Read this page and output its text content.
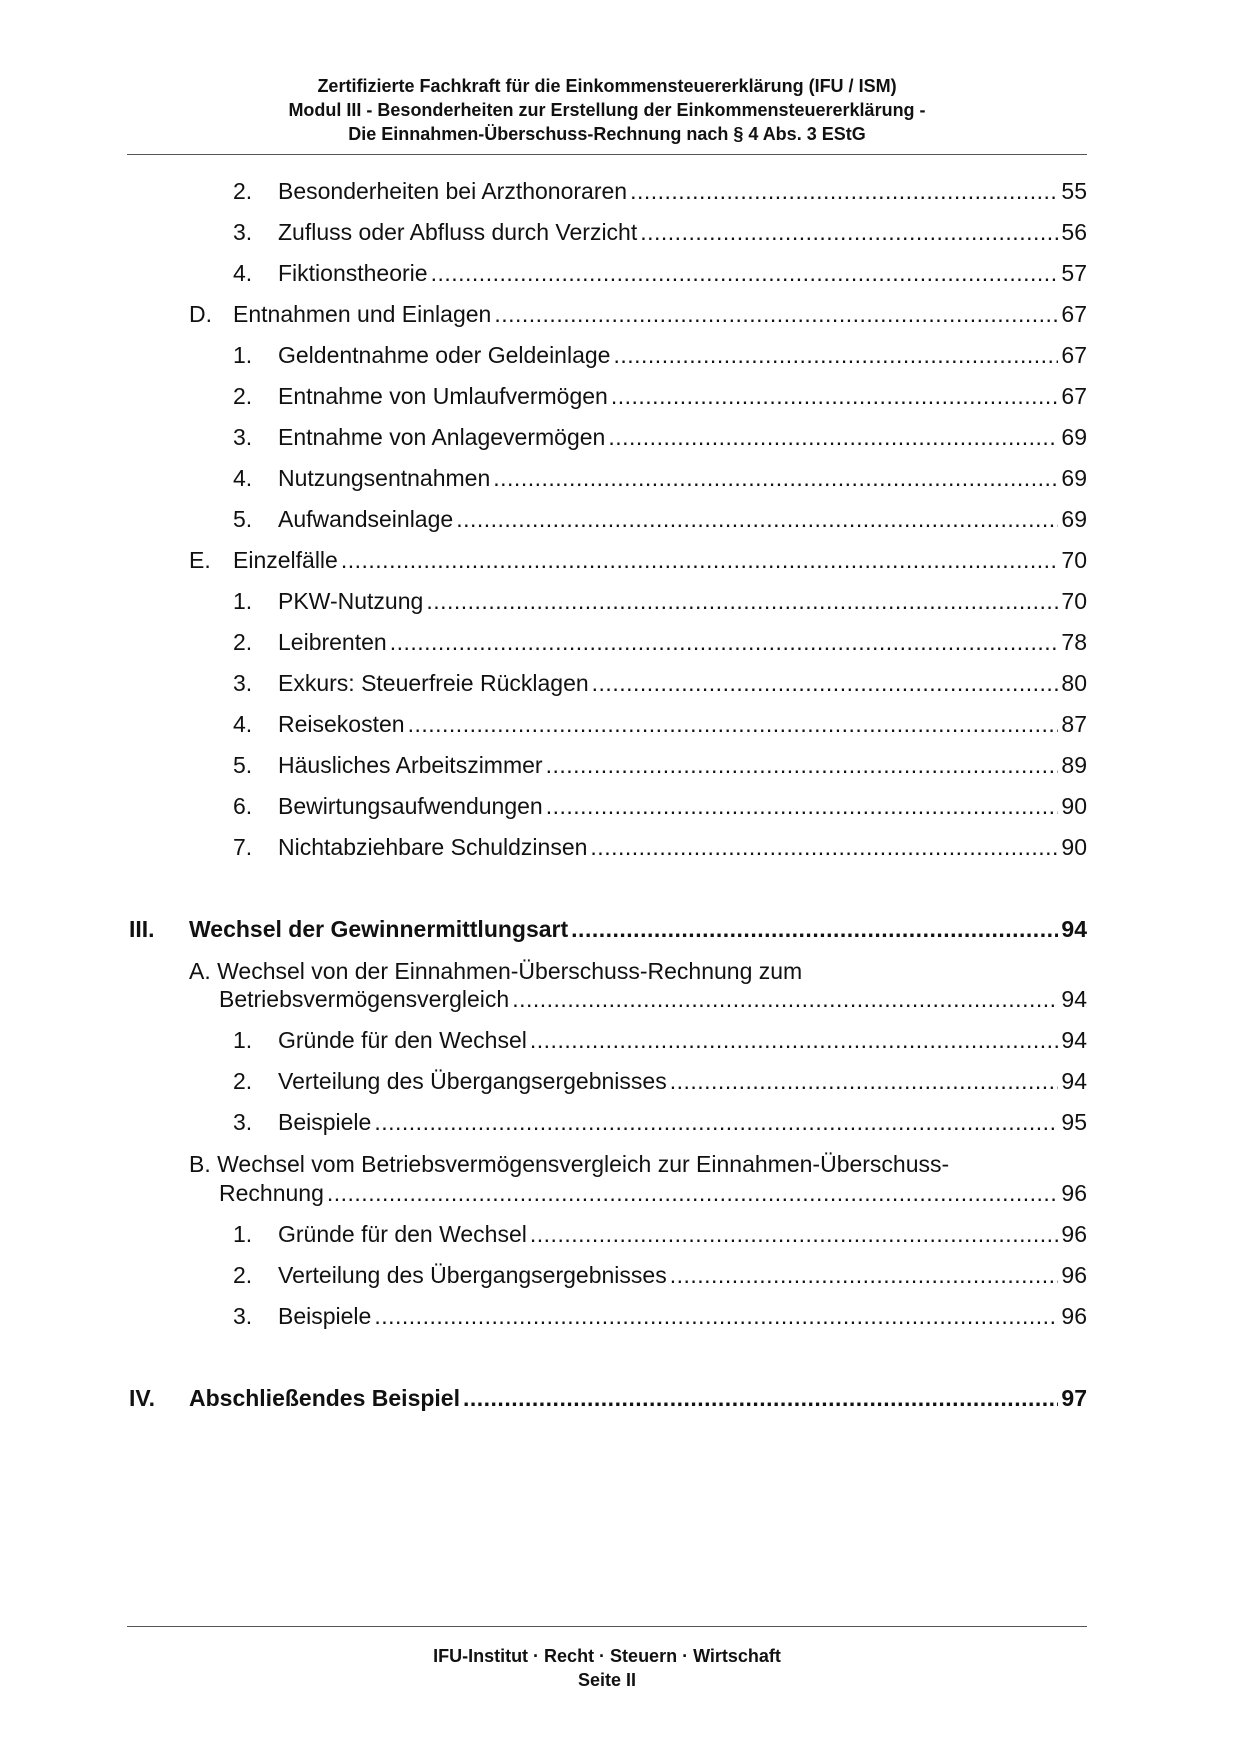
Zertifizierte Fachkraft für die Einkommensteuererklärung (IFU / ISM)
Modul III - Besonderheiten zur Erstellung der Einkommensteuererklärung -
Die Einnahmen-Überschuss-Rechnung nach § 4 Abs. 3 EStG
2.	Besonderheiten bei Arzthonoraren .....	55
3.	Zufluss oder Abfluss durch Verzicht .....	56
4.	Fiktionstheorie .....	57
D. Entnahmen und Einlagen .....	67
1.	Geldentnahme oder Geldeinlage .....	67
2.	Entnahme von Umlaufvermögen .....	67
3.	Entnahme von Anlagevermögen .....	69
4.	Nutzungsentnahmen .....	69
5.	Aufwandseinlage .....	69
E. Einzelfälle .....	70
1.	PKW-Nutzung .....	70
2.	Leibrenten .....	78
3.	Exkurs: Steuerfreie Rücklagen .....	80
4.	Reisekosten .....	87
5.	Häusliches Arbeitszimmer .....	89
6.	Bewirtungsaufwendungen .....	90
7.	Nichtabziehbare Schuldzinsen .....	90
III.	Wechsel der Gewinnermittlungsart .....	94
A. Wechsel von der Einnahmen-Überschuss-Rechnung zum
Betriebsvermögensvergleich .....	94
1.	Gründe für den Wechsel .....	94
2.	Verteilung des Übergangsergebnisses .....	94
3.	Beispiele .....	95
B. Wechsel vom Betriebsvermögensvergleich zur Einnahmen-Überschuss-
Rechnung .....	96
1.	Gründe für den Wechsel .....	96
2.	Verteilung des Übergangsergebnisses .....	96
3.	Beispiele .....	96
IV.	Abschließendes Beispiel .....	97
IFU-Institut · Recht · Steuern · Wirtschaft
Seite II
